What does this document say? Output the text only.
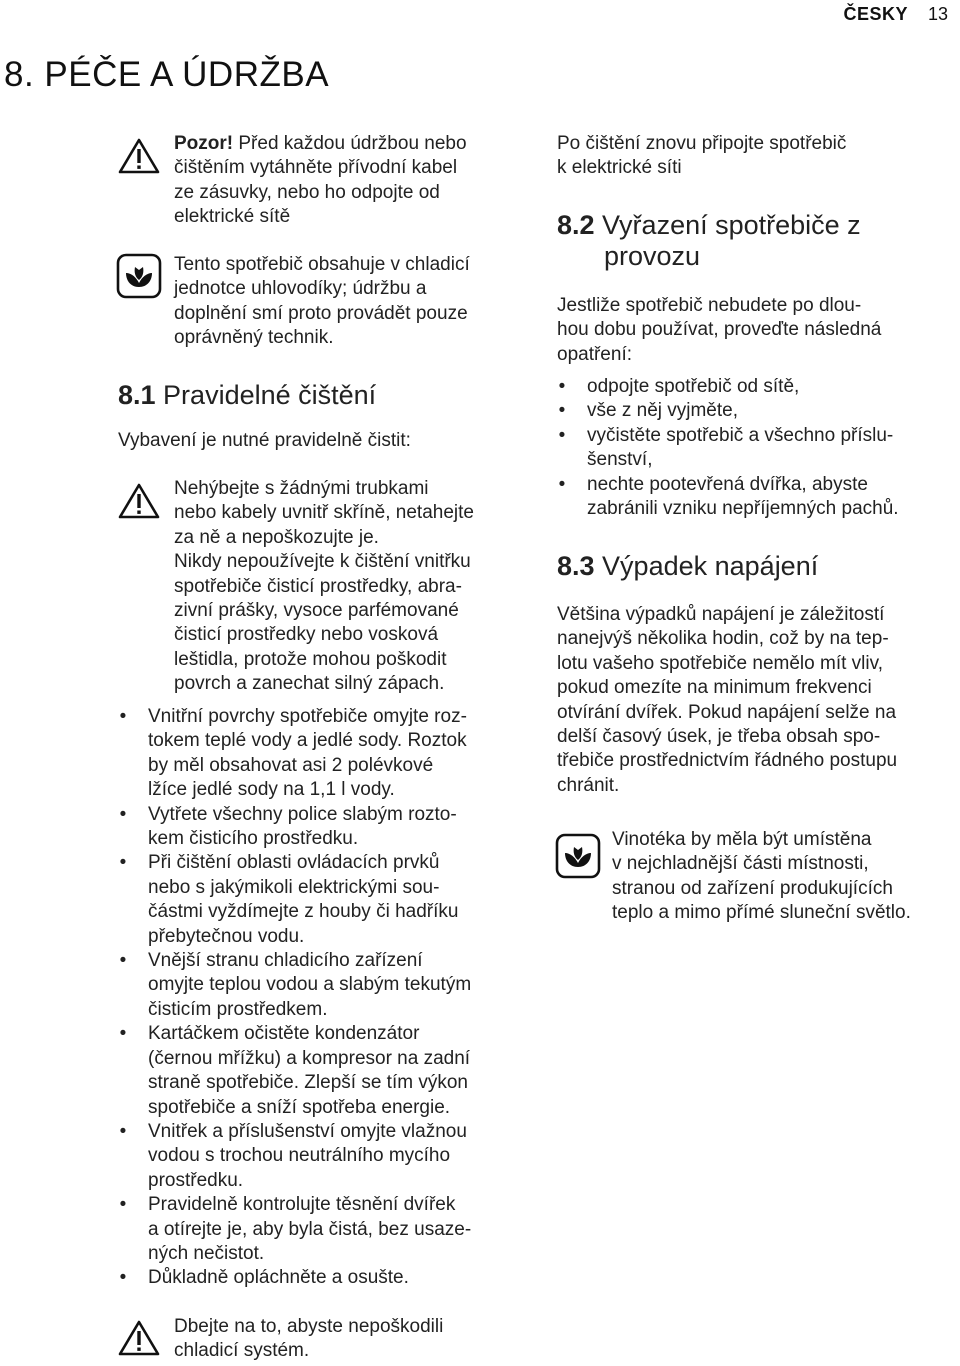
ČESKY 13
8. PÉČE A ÚDRŽBA
Pozor! Před každou údržbou nebo
čištěním vytáhněte přívodní kabel
ze zásuvky, nebo ho odpojte od
elektrické sítě
Tento spotřebič obsahuje v chladicí
jednotce uhlovodíky; údržbu a
doplnění smí proto provádět pouze
oprávněný technik.
8.1 Pravidelné čištění
Vybavení je nutné pravidelně čistit:
Nehýbejte s žádnými trubkami
nebo kabely uvnitř skříně, netahejte
za ně a nepoškozujte je.
Nikdy nepoužívejte k čištění vnitřku
spotřebiče čisticí prostředky, abra-
zivní prášky, vysoce parfémované
čisticí prostředky nebo vosková
leštidla, protože mohou poškodit
povrch a zanechat silný zápach.
• Vnitřní povrchy spotřebiče omyjte roz-
tokem teplé vody a jedlé sody. Roztok
by měl obsahovat asi 2 polévkové
lžíce jedlé sody na 1,1 l vody.
• Vytřete všechny police slabým rozto-
kem čisticího prostředku.
• Při čištění oblasti ovládacích prvků
nebo s jakýmikoli elektrickými sou-
částmi vyždímejte z houby či hadříku
přebytečnou vodu.
• Vnější stranu chladicího zařízení
omyjte teplou vodou a slabým tekutým
čisticím prostředkem.
• Kartáčkem očistěte kondenzátor
(černou mřížku) a kompresor na zadní
straně spotřebiče. Zlepší se tím výkon
spotřebiče a sníží spotřeba energie.
• Vnitřek a příslušenství omyjte vlažnou
vodou s trochou neutrálního mycího
prostředku.
• Pravidelně kontrolujte těsnění dvířek
a otírejte je, aby byla čistá, bez usaze-
ných nečistot.
• Důkladně opláchněte a osušte.
Dbejte na to, abyste nepoškodili
chladicí systém.
Po čištění znovu připojte spotřebič
k elektrické síti
8.2 Vyřazení spotřebiče z
provozu
Jestliže spotřebič nebudete po dlou-
hou dobu používat, proveďte následná
opatření:
• odpojte spotřebič od sítě,
• vše z něj vyjměte,
• vyčistěte spotřebič a všechno příslu-
šenství,
• nechte pootevřená dvířka, abyste
zabránili vzniku nepříjemných pachů.
8.3 Výpadek napájení
Většina výpadků napájení je záležitostí
nanejvýš několika hodin, což by na tep-
lotu vašeho spotřebiče nemělo mít vliv,
pokud omezíte na minimum frekvenci
otvírání dvířek. Pokud napájení selže na
delší časový úsek, je třeba obsah spo-
třebiče prostřednictvím řádného postupu
chránit.
Vinotéka by měla být umístěna
v nejchladnější části místnosti,
stranou od zařízení produkujících
teplo a mimo přímé sluneční světlo.
